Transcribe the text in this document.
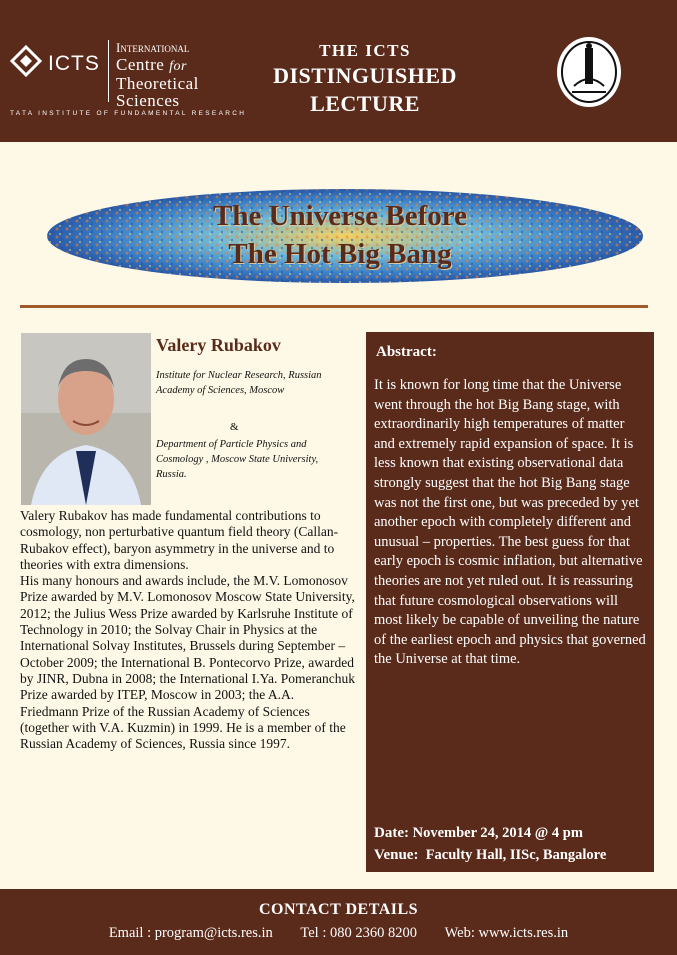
ICTS
International
Centre for
Theoretical
Sciences
TATA INSTITUTE OF FUNDAMENTAL RESEARCH
THE ICTS
DISTINGUISHED
LECTURE
The Universe Before
The Hot Big Bang
Valery Rubakov
Institute for Nuclear Research, Russian Academy of Sciences, Moscow
&
Department of Particle Physics and Cosmology , Moscow State University, Russia.

Valery Rubakov has made fundamental contributions to cosmology, non perturbative quantum field theory (Callan-Rubakov effect), baryon asymmetry in the universe and to theories with extra dimensions.

His many honours and awards include, the M.V. Lomonosov Prize awarded by M.V. Lomonosov Moscow State University, 2012; the Julius Wess Prize awarded by Karlsruhe Institute of Technology in 2010; the Solvay Chair in Physics at the International Solvay Institutes, Brussels during September – October 2009; the International B. Pontecorvo Prize, awarded by JINR, Dubna in 2008; the International I.Ya. Pomeranchuk Prize awarded by ITEP, Moscow in 2003; the A.A. Friedmann Prize of the Russian Academy of Sciences (together with V.A. Kuzmin) in 1999. He is a member of the Russian Academy of Sciences, Russia since 1997.

Abstract:
It is known for long time that the Universe went through the hot Big Bang stage, with extraordinarily high temperatures of matter and extremely rapid expansion of space. It is less known that existing observational data strongly suggest that the hot Big Bang stage was not the first one, but was preceded by yet another epoch with completely different and unusual – properties. The best guess for that early epoch is cosmic inflation, but alternative theories are not yet ruled out. It is reassuring that future cosmological observations will most likely be capable of unveiling the nature of the earliest epoch and physics that governed the Universe at that time.
Date: November 24, 2014 @ 4 pm
Venue: Faculty Hall, IISc, Bangalore
CONTACT DETAILS
Email : program@icts.res.in Tel : 080 2360 8200 Web: www.icts.res.in
